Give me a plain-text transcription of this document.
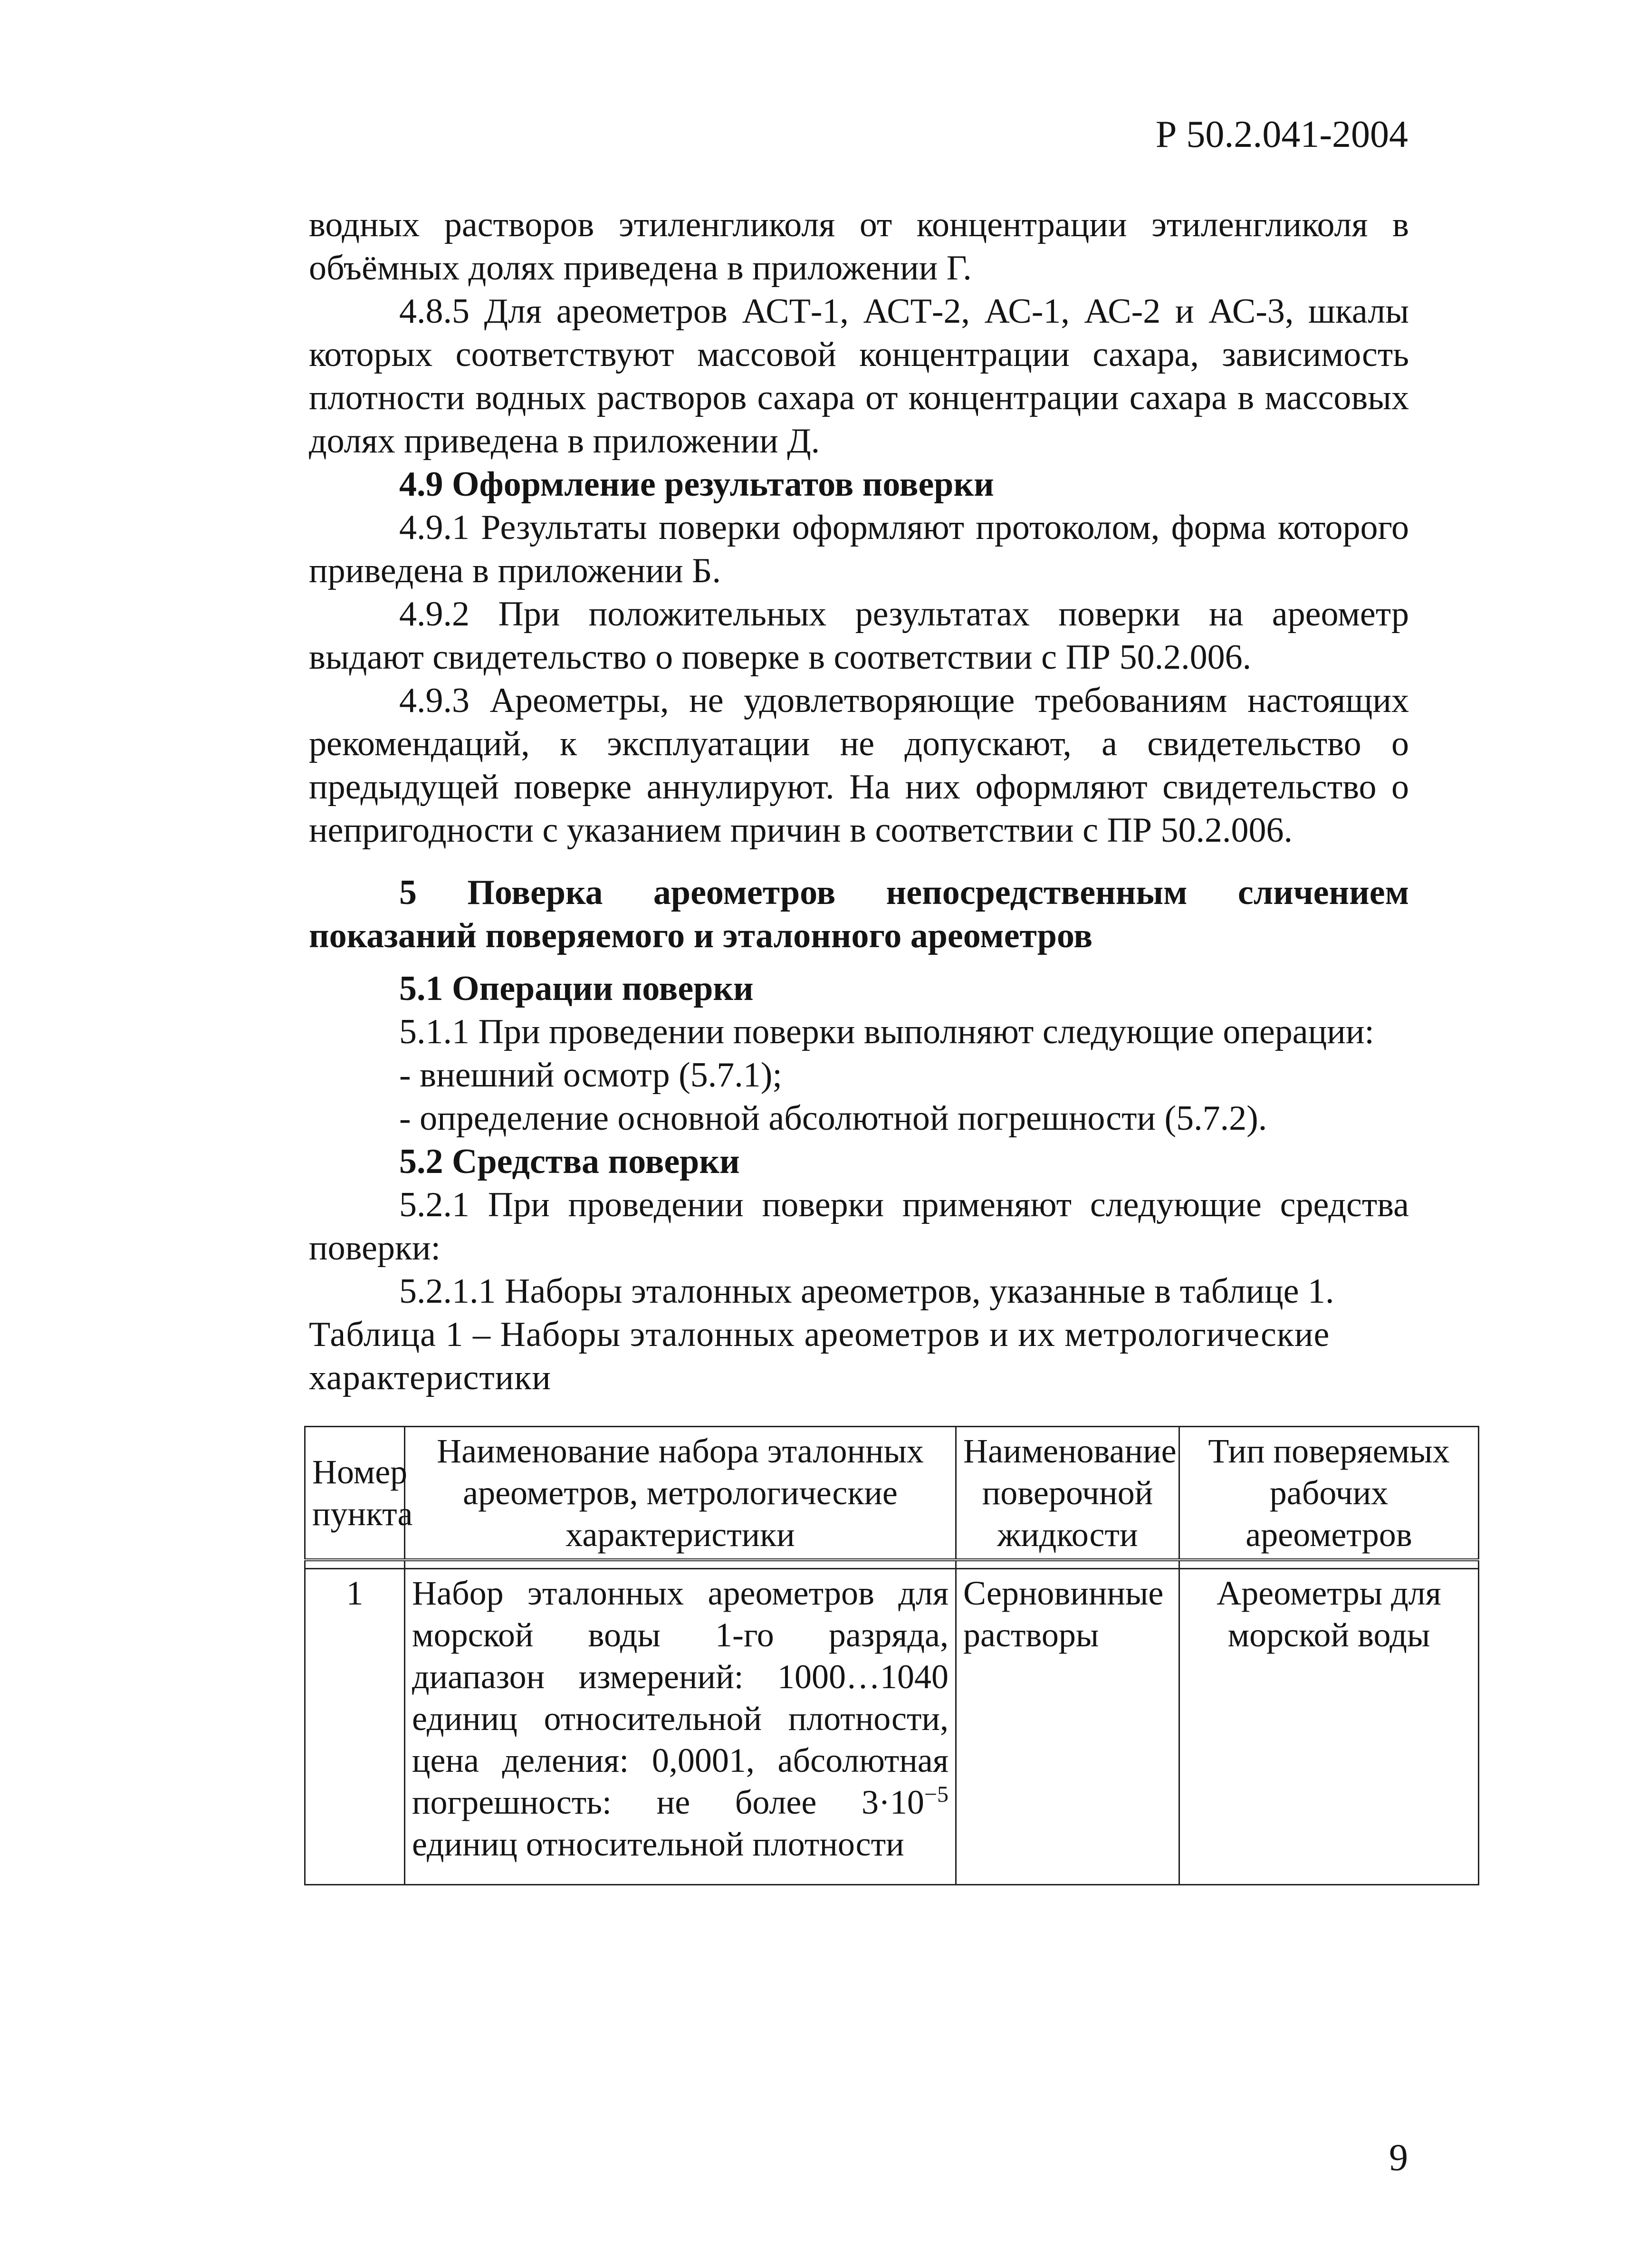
Р 50.2.041-2004

водных растворов этиленгликоля от концентрации этиленгликоля в объёмных долях приведена в приложении Г.

4.8.5 Для ареометров АСТ-1, АСТ-2, АС-1, АС-2 и АС-3, шкалы которых соответствуют массовой концентрации сахара, зависимость плотности водных растворов сахара от концентрации сахара в массовых долях приведена в приложении Д.

4.9 Оформление результатов поверки

4.9.1 Результаты поверки оформляют протоколом, форма которого приведена в приложении Б.

4.9.2 При положительных результатах поверки на ареометр выдают свидетельство о поверке в соответствии с ПР 50.2.006.

4.9.3 Ареометры, не удовлетворяющие требованиям настоящих рекомендаций, к эксплуатации не допускают, а свидетельство о предыдущей поверке аннулируют. На них оформляют свидетельство о непригодности с указанием причин в соответствии с ПР 50.2.006.

5 Поверка ареометров непосредственным сличением показаний поверяемого и эталонного ареометров

5.1 Операции поверки

5.1.1 При проведении поверки выполняют следующие операции:

- внешний осмотр (5.7.1);

- определение основной абсолютной погрешности (5.7.2).

5.2 Средства поверки

5.2.1 При проведении поверки применяют следующие средства поверки:

5.2.1.1 Наборы эталонных ареометров, указанные в таблице 1.

Таблица 1 – Наборы эталонных ареометров и их метрологические характеристики

Номер пункта	Наименование набора эталонных ареометров, метрологические характеристики	Наименование поверочной жидкости	Тип поверяемых рабочих ареометров

1	Набор эталонных ареометров для морской воды 1-го разряда, диапазон измерений: 1000…1040 единиц относительной плотности, цена деления: 0,0001, абсолютная погрешность: не более $3\cdot 10^{-5}$ единиц относительной плотности	Серновинные растворы	Ареометры для морской воды
9
